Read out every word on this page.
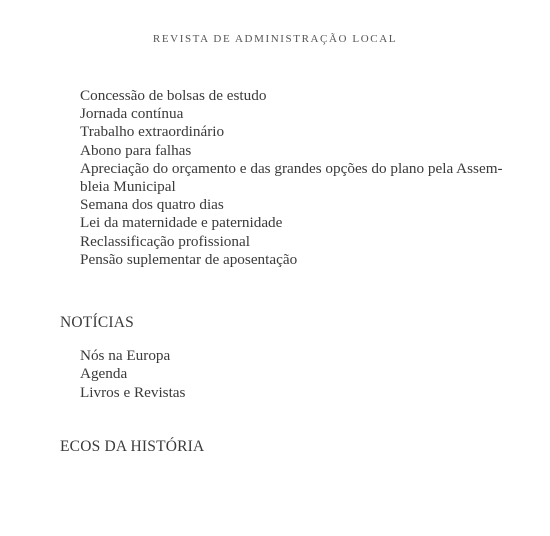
REVISTA DE ADMINISTRAÇÃO LOCAL
Concessão de bolsas de estudo
Jornada contínua
Trabalho extraordinário
Abono para falhas
Apreciação do orçamento e das grandes opções do plano pela Assem-
bleia Municipal
Semana dos quatro dias
Lei da maternidade e paternidade
Reclassificação profissional
Pensão suplementar de aposentação
NOTÍCIAS
Nós na Europa
Agenda
Livros e Revistas
ECOS DA HISTÓRIA
